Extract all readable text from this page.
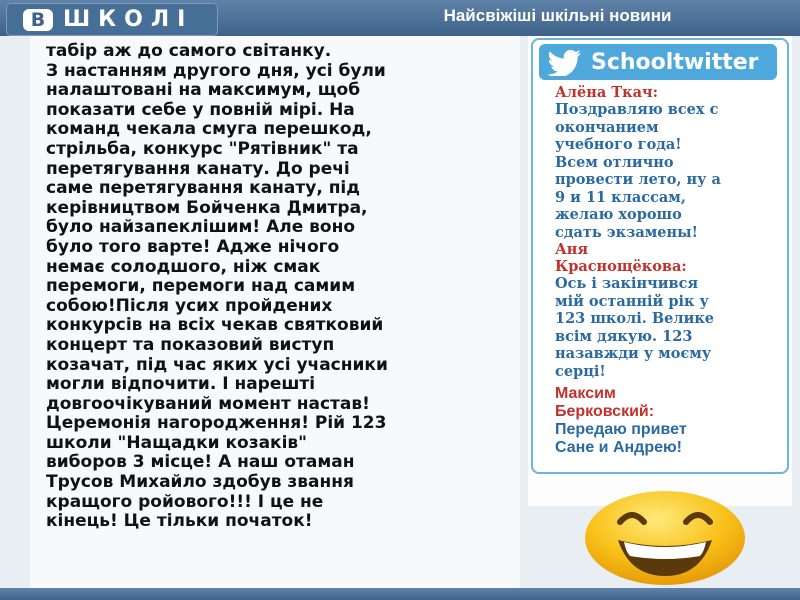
В ШКОЛІ	Найсвіжіші шкільні новини
табір аж до самого світанку.
З настанням другого дня, усі були
налаштовані на максимум, щоб
показати себе у повній мірі. На
команд чекала смуга перешкод,
стрільба, конкурс "Рятівник" та
перетягування канату. До речі
саме перетягування канату, під
керівництвом Бойченка Дмитра,
було найзапеклішим! Але воно
було того варте! Адже нічого
немає солодшого, ніж смак
перемоги, перемоги над самим
собою!Після усих пройдених
конкурсів на всіх чекав святковий
концерт та показовий виступ
козачат, під час яких усі учасники
могли відпочити. І нарешті
довгоочікуваний момент настав!
Церемонія нагородження! Рій 123
школи "Нащадки козаків"
виборов 3 місце! А наш отаман
Трусов Михайло здобув звання
кращого ройового!!! І це не
кінець! Це тільки початок!
Schooltwitter
Алёна Ткач:
Поздравляю всех с
окончанием
учебного года!
Всем отлично
провести лето, ну а
9 и 11 классам,
желаю хорошо
сдать экзамены!
Аня
Краснощёкова:
Ось і закінчився
мій останній рік у
123 школі. Велике
всім дякую. 123
назавжди у моєму
серці!
Максим
Берковский:
Передаю привет
Сане и Андрею!
